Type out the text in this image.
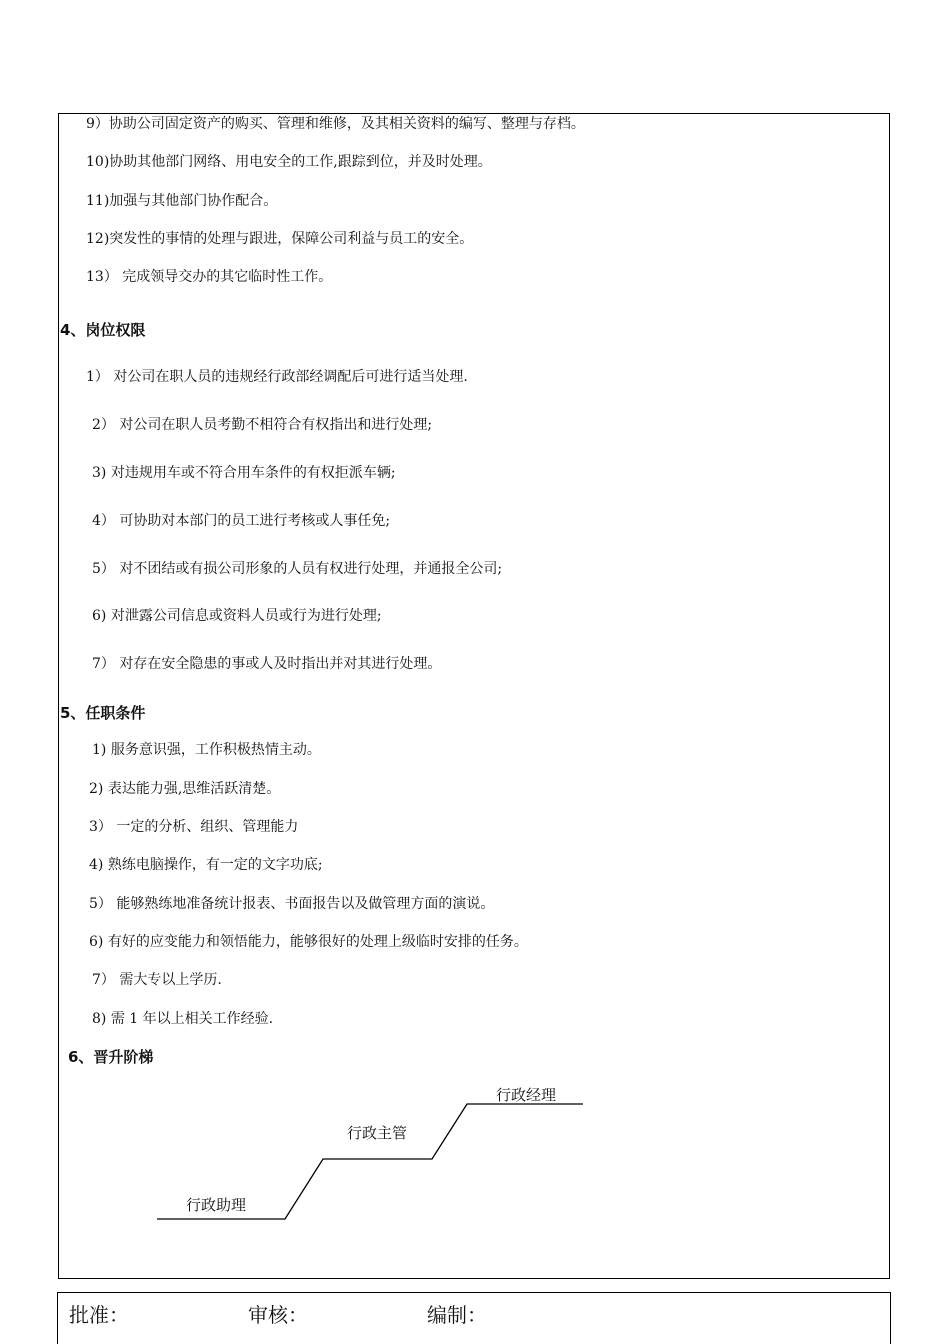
9）协助公司固定资产的购买、管理和维修，及其相关资料的编写、整理与存档。
10)协助其他部门网络、用电安全的工作,跟踪到位，并及时处理。
11)加强与其他部门协作配合。
12)突发性的事情的处理与跟进，保障公司利益与员工的安全。
13） 完成领导交办的其它临时性工作。
4、岗位权限
1） 对公司在职人员的违规经行政部经调配后可进行适当处理.
2） 对公司在职人员考勤不相符合有权指出和进行处理;
3) 对违规用车或不符合用车条件的有权拒派车辆;
4） 可协助对本部门的员工进行考核或人事任免;
5） 对不团结或有损公司形象的人员有权进行处理，并通报全公司;
6) 对泄露公司信息或资料人员或行为进行处理;
7） 对存在安全隐患的事或人及时指出并对其进行处理。
5、任职条件
1) 服务意识强，工作积极热情主动。
2) 表达能力强,思维活跃清楚。
3） 一定的分析、组织、管理能力
4) 熟练电脑操作，有一定的文字功底;
5） 能够熟练地准备统计报表、书面报告以及做管理方面的演说。
6) 有好的应变能力和领悟能力，能够很好的处理上级临时安排的任务。
7） 需大专以上学历.
8) 需 1 年以上相关工作经验.
6、晋升阶梯
行政助理
行政主管
行政经理
批准：	审核：	编制：
